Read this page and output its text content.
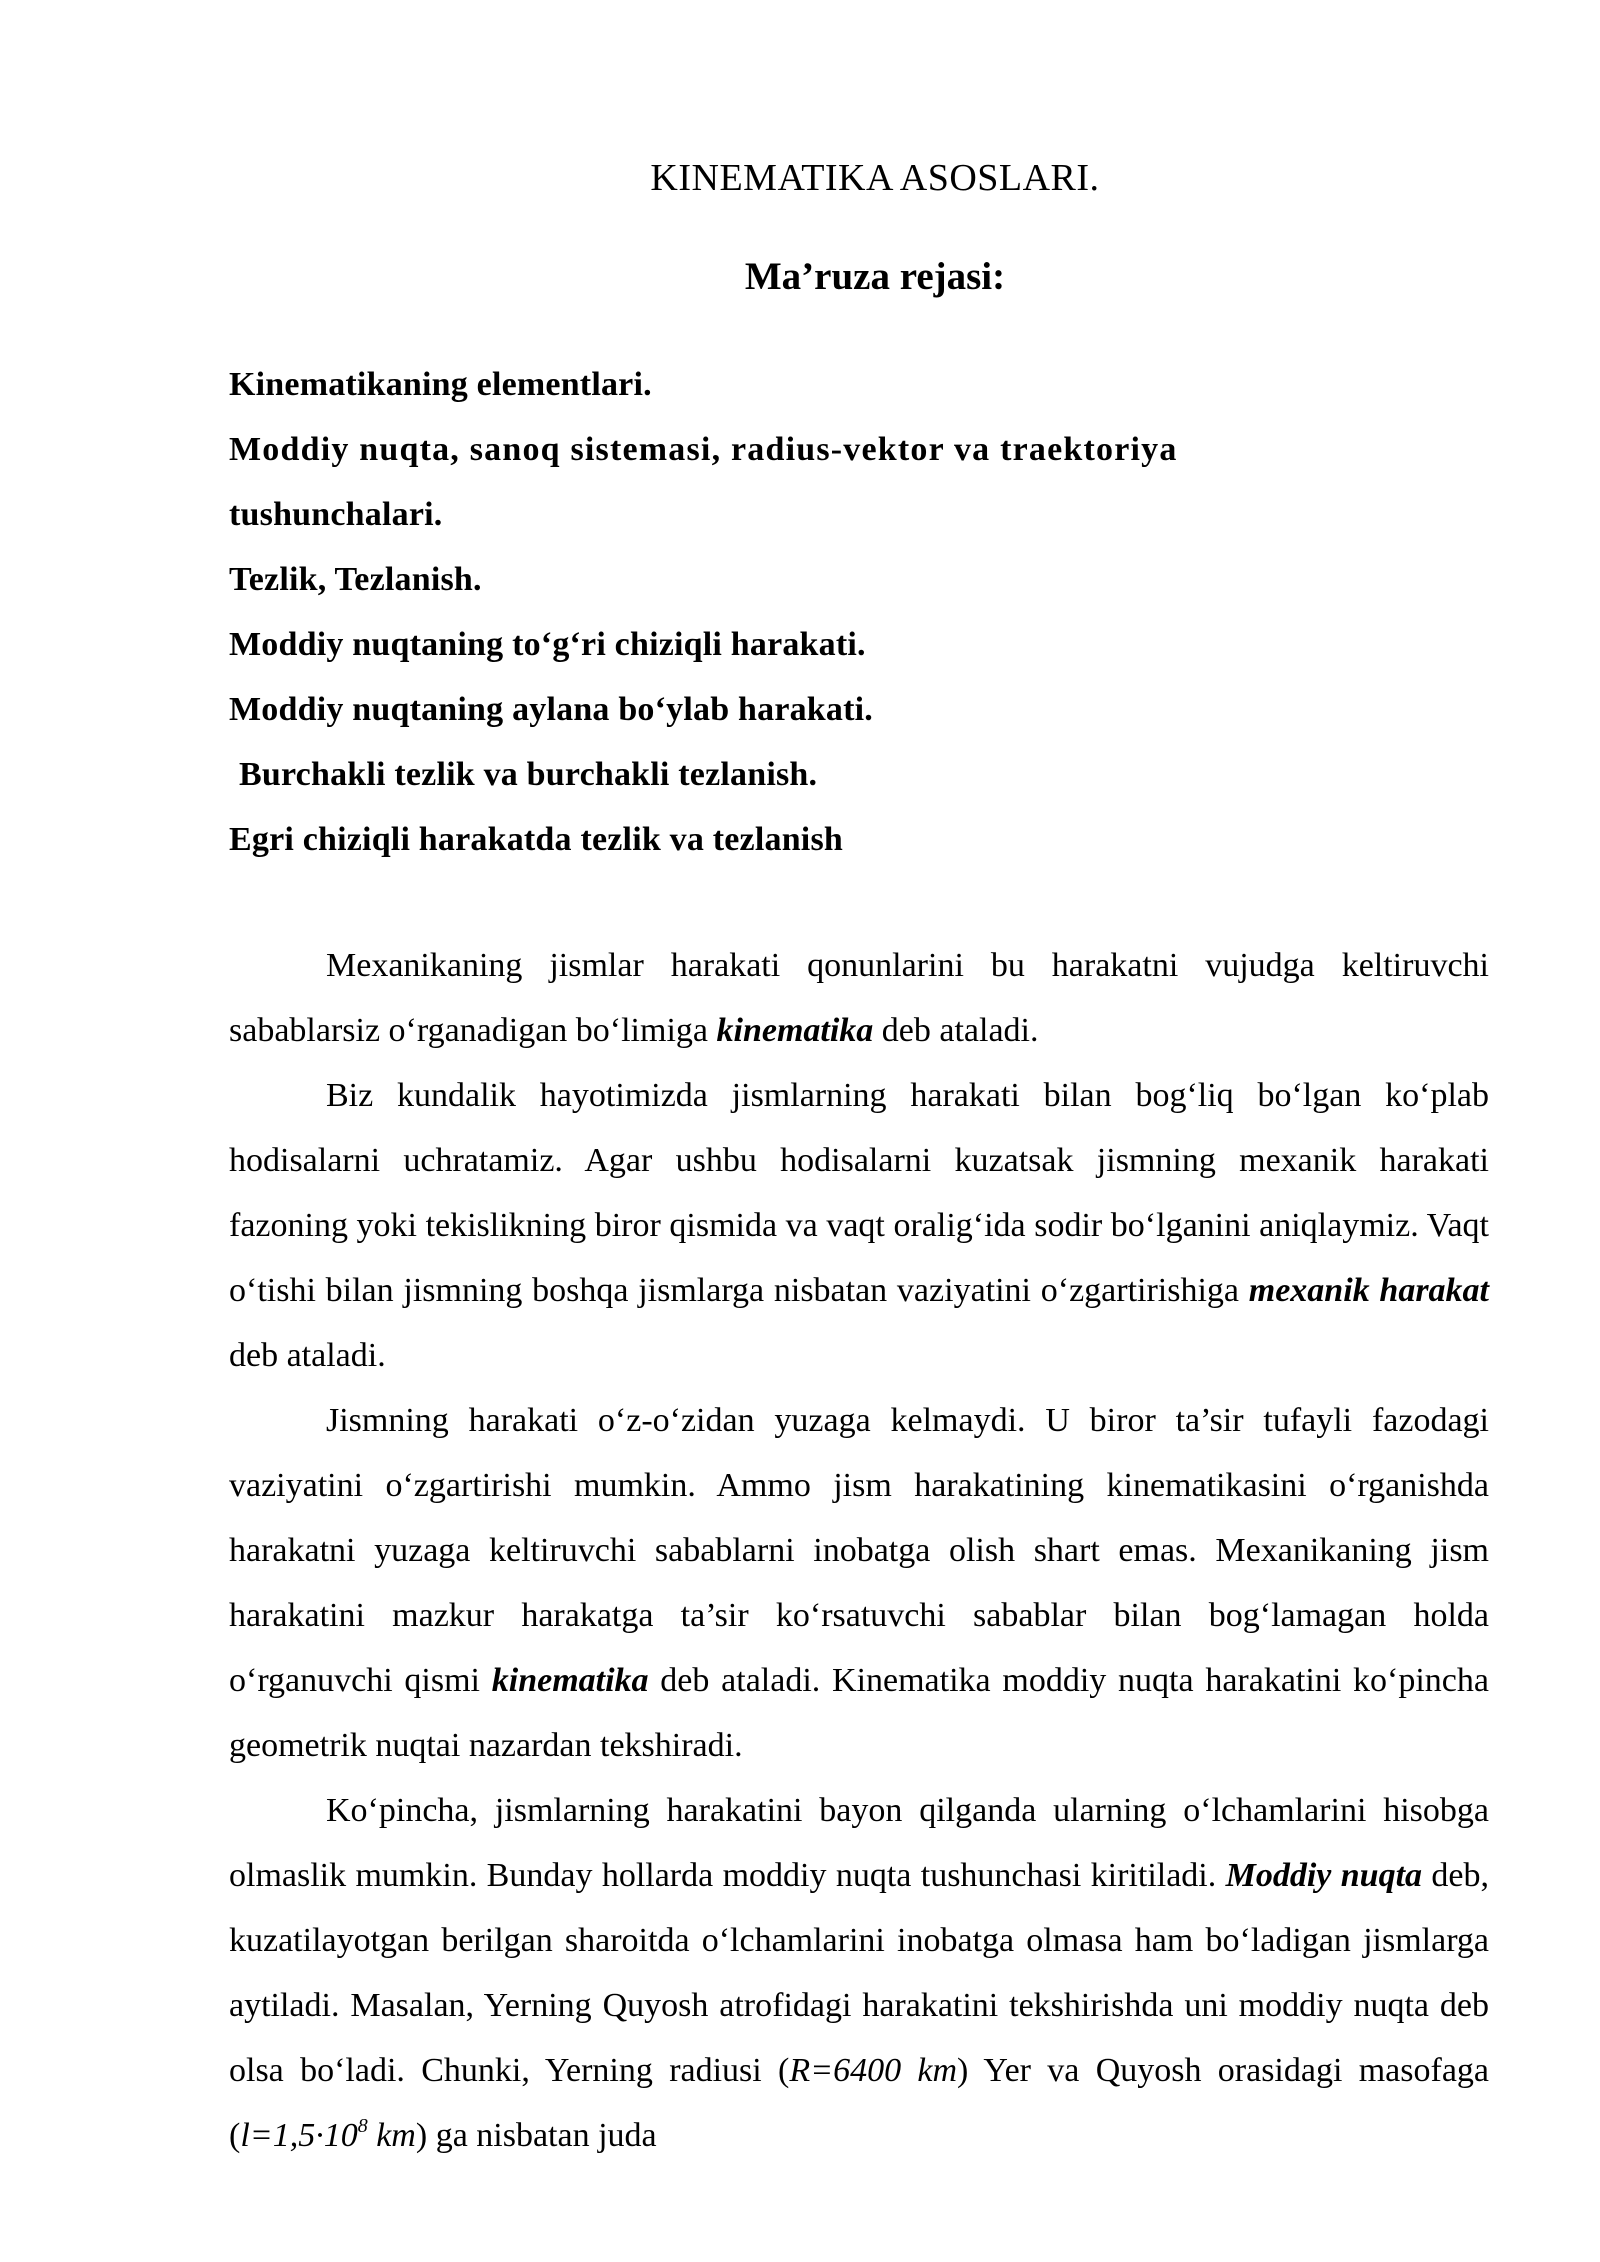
KINEMATIKA ASOSLARI.
Ma’ruza rejasi:
Kinematikaning elementlari.
Moddiy nuqta, sanoq sistemasi, radius-vektor va traektoriya
tushunchalari.
Tezlik, Tezlanish.
Moddiy nuqtaning to‘g‘ri chiziqli harakati.
Moddiy nuqtaning aylana bo‘ylab harakati.
Burchakli tezlik va burchakli tezlanish.
Egri chiziqli harakatda tezlik va tezlanish

Mexanikaning jismlar harakati qonunlarini bu harakatni vujudga keltiruvchi sabablarsiz o‘rganadigan bo‘limiga kinematika deb ataladi.

Biz kundalik hayotimizda jismlarning harakati bilan bog‘liq bo‘lgan ko‘plab hodisalarni uchratamiz. Agar ushbu hodisalarni kuzatsak jismning mexanik harakati fazoning yoki tekislikning biror qismida va vaqt oralig‘ida sodir bo‘lganini aniqlaymiz. Vaqt o‘tishi bilan jismning boshqa jismlarga nisbatan vaziyatini o‘zgartirishiga mexanik harakat deb ataladi.

Jismning harakati o‘z-o‘zidan yuzaga kelmaydi. U biror ta’sir tufayli fazodagi vaziyatini o‘zgartirishi mumkin. Ammo jism harakatining kinematikasini o‘rganishda harakatni yuzaga keltiruvchi sabablarni inobatga olish shart emas. Mexanikaning jism harakatini mazkur harakatga ta’sir ko‘rsatuvchi sabablar bilan bog‘lamagan holda o‘rganuvchi qismi kinematika deb ataladi. Kinematika moddiy nuqta harakatini ko‘pincha geometrik nuqtai nazardan tekshiradi.

Ko‘pincha, jismlarning harakatini bayon qilganda ularning o‘lchamlarini hisobga olmaslik mumkin. Bunday hollarda moddiy nuqta tushunchasi kiritiladi. Moddiy nuqta deb, kuzatilayotgan berilgan sharoitda o‘lchamlarini inobatga olmasa ham bo‘ladigan jismlarga aytiladi. Masalan, Yerning Quyosh atrofidagi harakatini tekshirishda uni moddiy nuqta deb olsa bo‘ladi. Chunki, Yerning radiusi (R=6400 km) Yer va Quyosh orasidagi masofaga ($l=1,5\cdot 10^8$ km) ga nisbatan juda
